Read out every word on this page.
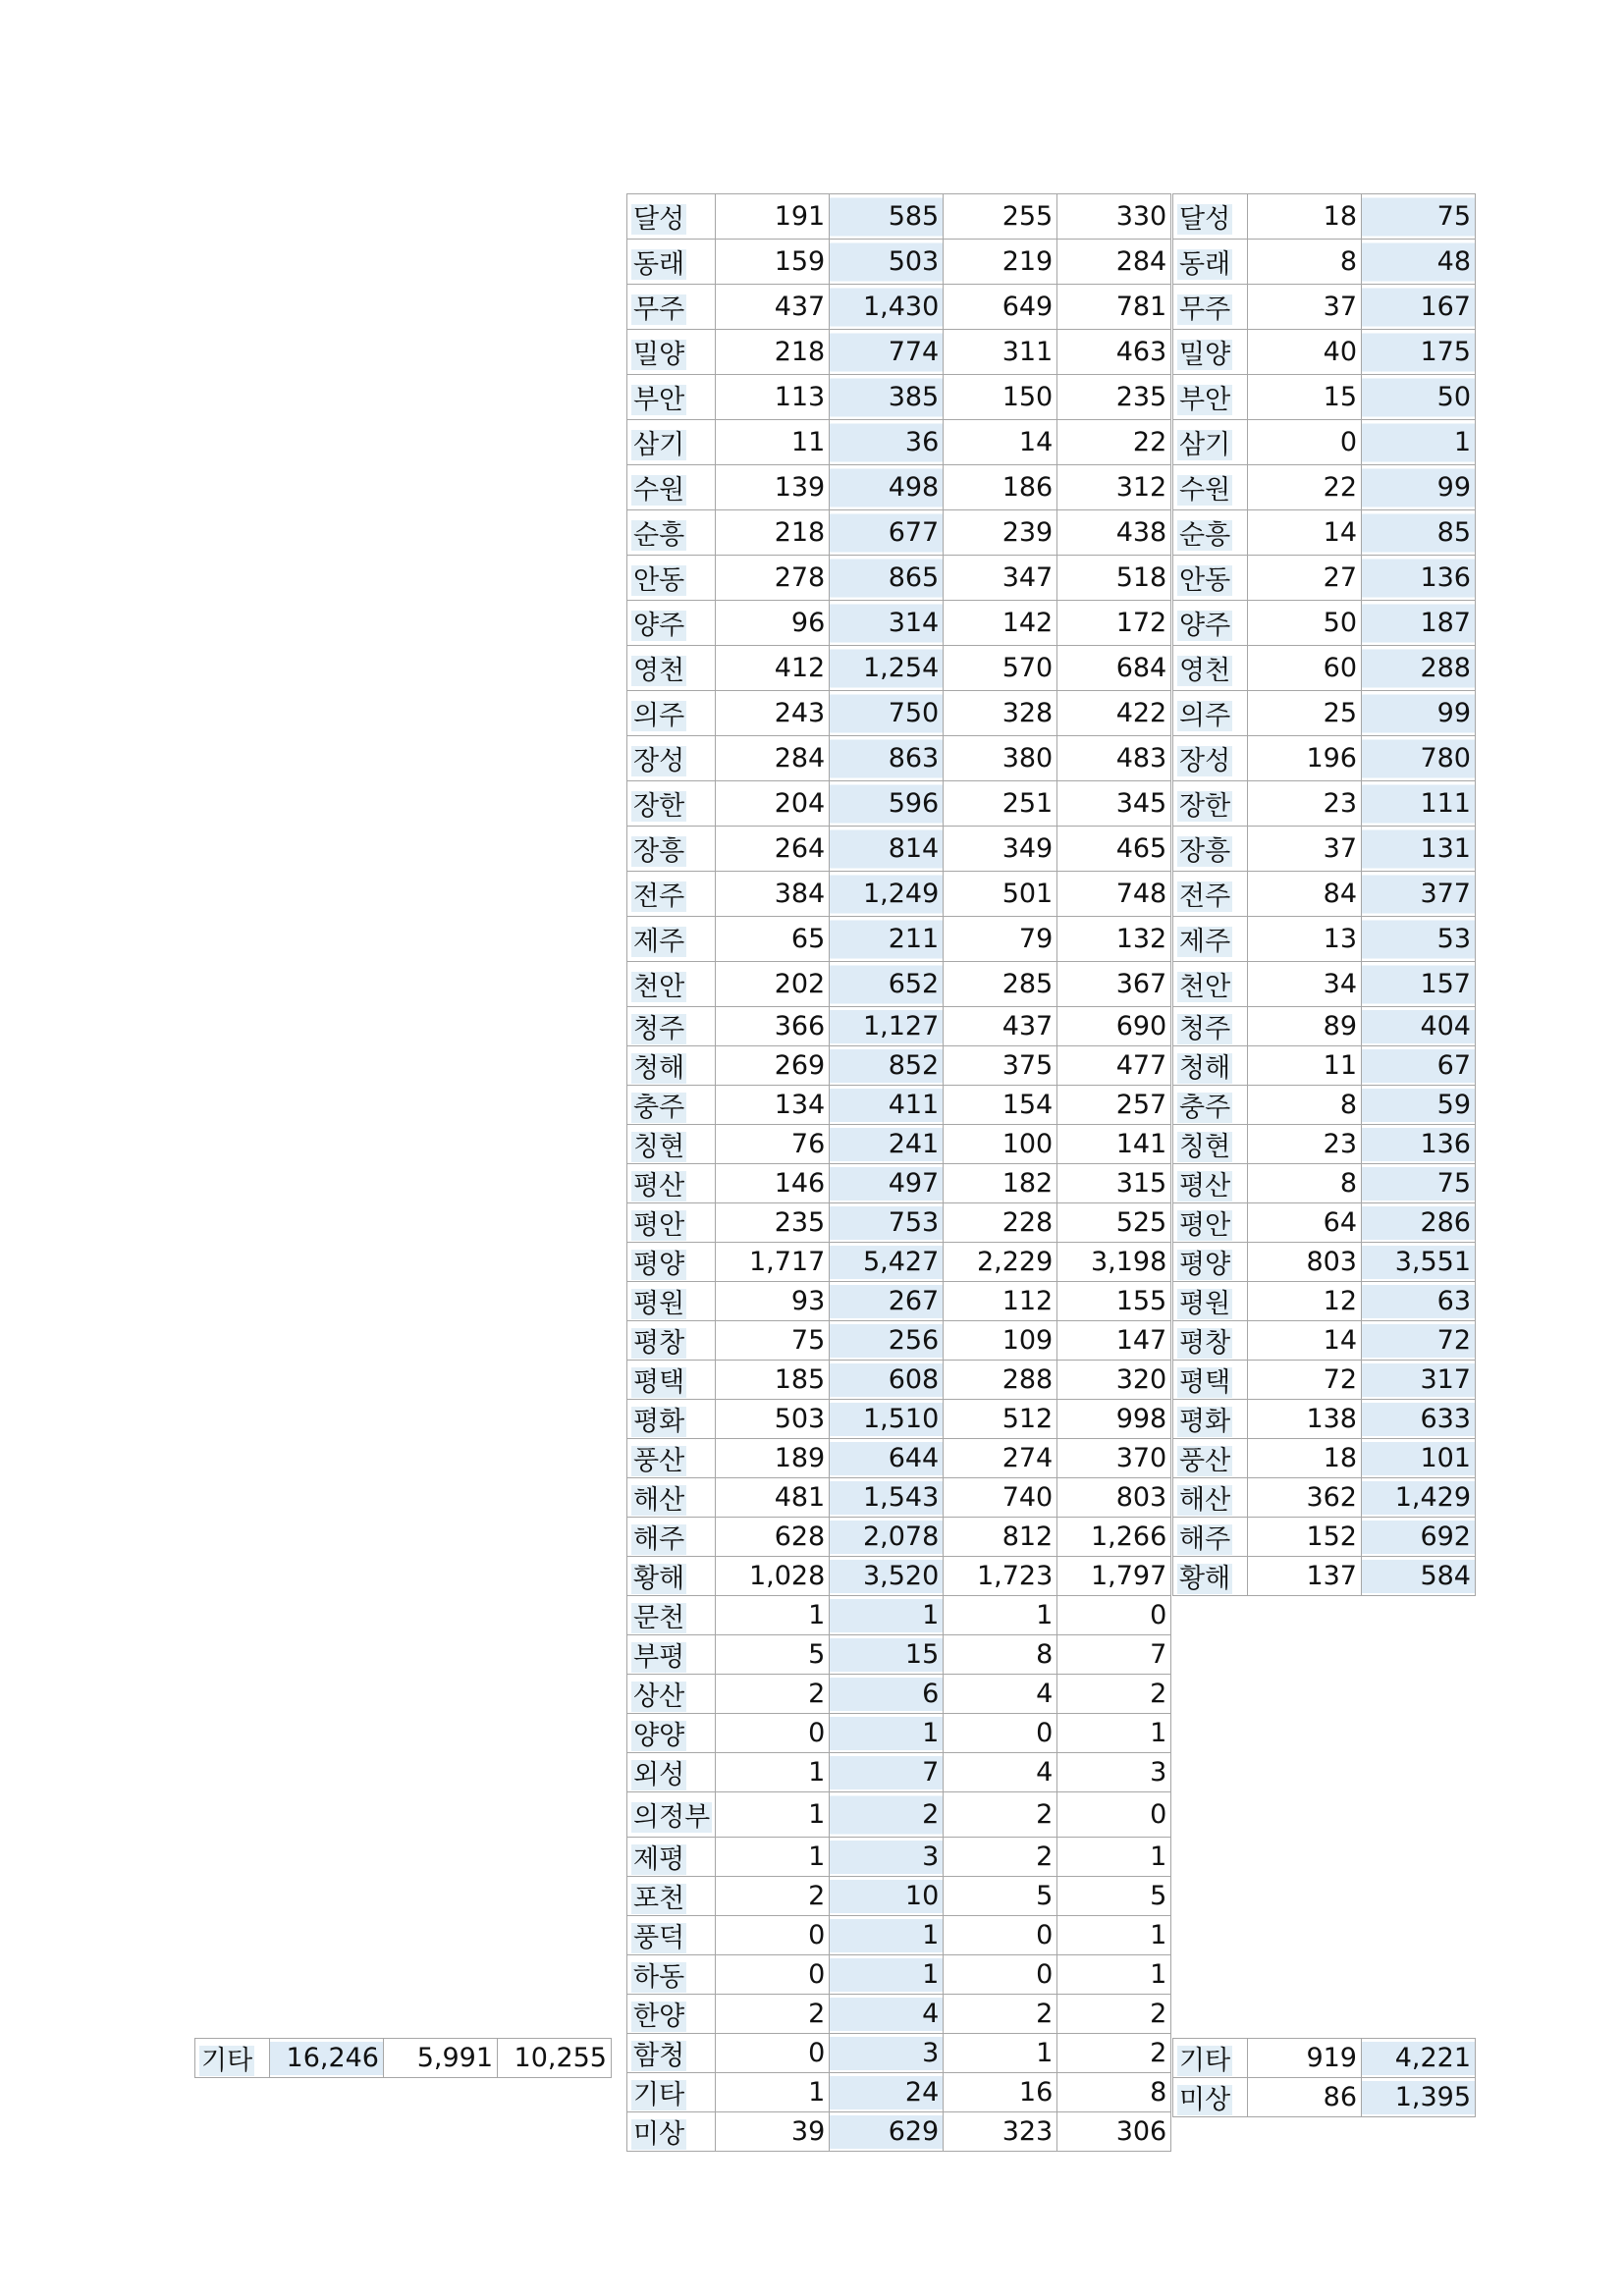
달성	191	585	255	330
동래	159	503	219	284
무주	437	1,430	649	781
밀양	218	774	311	463
부안	113	385	150	235
삼기	11	36	14	22
수원	139	498	186	312
순흥	218	677	239	438
안동	278	865	347	518
양주	96	314	142	172
영천	412	1,254	570	684
의주	243	750	328	422
장성	284	863	380	483
장한	204	596	251	345
장흥	264	814	349	465
전주	384	1,249	501	748
제주	65	211	79	132
천안	202	652	285	367
청주	366	1,127	437	690
청해	269	852	375	477
충주	134	411	154	257
칭현	76	241	100	141
평산	146	497	182	315
평안	235	753	228	525
평양	1,717	5,427	2,229	3,198
평원	93	267	112	155
평창	75	256	109	147
평택	185	608	288	320
평화	503	1,510	512	998
풍산	189	644	274	370
해산	481	1,543	740	803
해주	628	2,078	812	1,266
황해	1,028	3,520	1,723	1,797
문천	1	1	1	0
부평	5	15	8	7
상산	2	6	4	2
양양	0	1	0	1
외성	1	7	4	3
의정부	1	2	2	0
제평	1	3	2	1
포천	2	10	5	5
풍덕	0	1	0	1
하동	0	1	0	1
한양	2	4	2	2
함청	0	3	1	2
기타	1	24	16	8
미상	39	629	323	306
달성	18	75
동래	8	48
무주	37	167
밀양	40	175
부안	15	50
삼기	0	1
수원	22	99
순흥	14	85
안동	27	136
양주	50	187
영천	60	288
의주	25	99
장성	196	780
장한	23	111
장흥	37	131
전주	84	377
제주	13	53
천안	34	157
청주	89	404
청해	11	67
충주	8	59
칭현	23	136
평산	8	75
평안	64	286
평양	803	3,551
평원	12	63
평창	14	72
평택	72	317
평화	138	633
풍산	18	101
해산	362	1,429
해주	152	692
황해	137	584
기타	919	4,221
미상	86	1,395
기타	16,246	5,991	10,255
